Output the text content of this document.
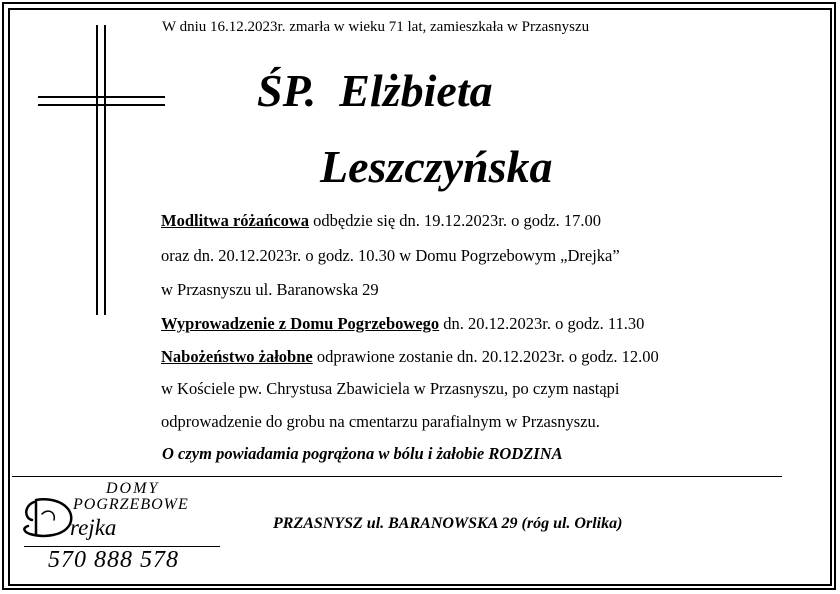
W dniu 16.12.2023r. zmarła w wieku 71 lat, zamieszkała w Przasnyszu
ŚP.  Elżbieta
Leszczyńska
Modlitwa różańcowa odbędzie się dn. 19.12.2023r. o godz. 17.00
oraz dn. 20.12.2023r. o godz. 10.30 w Domu Pogrzebowym „Drejka”
w Przasnyszu ul. Baranowska 29
Wyprowadzenie z Domu Pogrzebowego dn. 20.12.2023r. o godz. 11.30
Nabożeństwo żałobne odprawione zostanie dn. 20.12.2023r. o godz. 12.00
w Kościele pw. Chrystusa Zbawiciela w Przasnyszu, po czym nastąpi
odprowadzenie do grobu na cmentarzu parafialnym w Przasnyszu.
O czym powiadamia pogrążona w bólu i żałobie RODZINA
DOMY
POGRZEBOWE
rejka
570 888 578
PRZASNYSZ ul. BARANOWSKA 29 (róg ul. Orlika)
